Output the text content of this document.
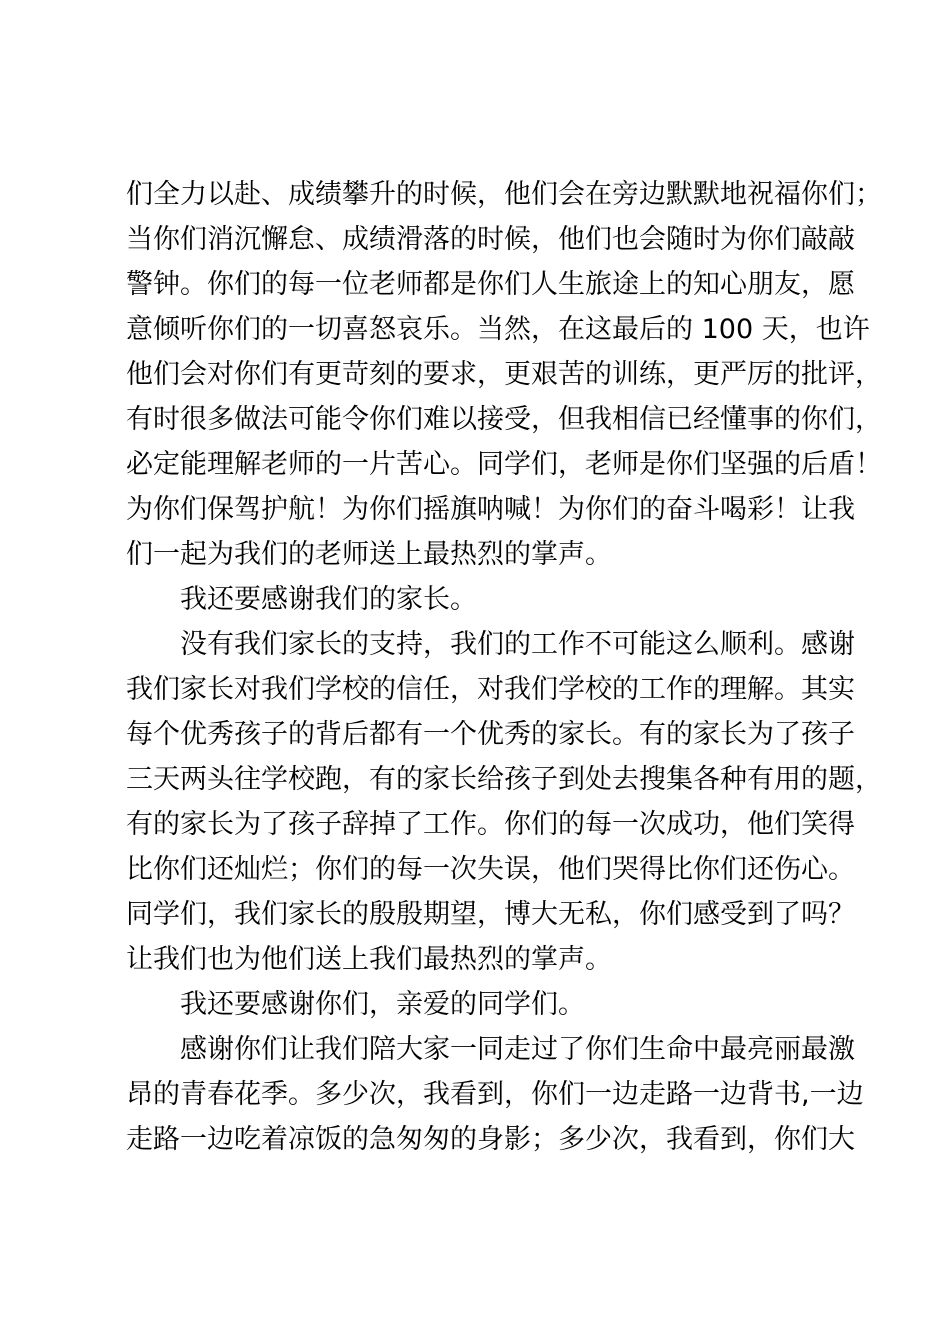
们全力以赴、成绩攀升的时候，他们会在旁边默默地祝福你们；
当你们消沉懈怠、成绩滑落的时候，他们也会随时为你们敲敲
警钟。你们的每一位老师都是你们人生旅途上的知心朋友，愿
意倾听你们的一切喜怒哀乐。当然，在这最后的 100 天，也许
他们会对你们有更苛刻的要求，更艰苦的训练，更严厉的批评，
有时很多做法可能令你们难以接受，但我相信已经懂事的你们，
必定能理解老师的一片苦心。同学们，老师是你们坚强的后盾！
为你们保驾护航！为你们摇旗呐喊！为你们的奋斗喝彩！让我
们一起为我们的老师送上最热烈的掌声。
我还要感谢我们的家长。
没有我们家长的支持，我们的工作不可能这么顺利。感谢
我们家长对我们学校的信任，对我们学校的工作的理解。其实
每个优秀孩子的背后都有一个优秀的家长。有的家长为了孩子
三天两头往学校跑，有的家长给孩子到处去搜集各种有用的题，
有的家长为了孩子辞掉了工作。你们的每一次成功，他们笑得
比你们还灿烂；你们的每一次失误，他们哭得比你们还伤心。
同学们，我们家长的殷殷期望，博大无私，你们感受到了吗？
让我们也为他们送上我们最热烈的掌声。
我还要感谢你们，亲爱的同学们。
感谢你们让我们陪大家一同走过了你们生命中最亮丽最激
昂的青春花季。多少次，我看到，你们一边走路一边背书,一边
走路一边吃着凉饭的急匆匆的身影；多少次，我看到，你们大
